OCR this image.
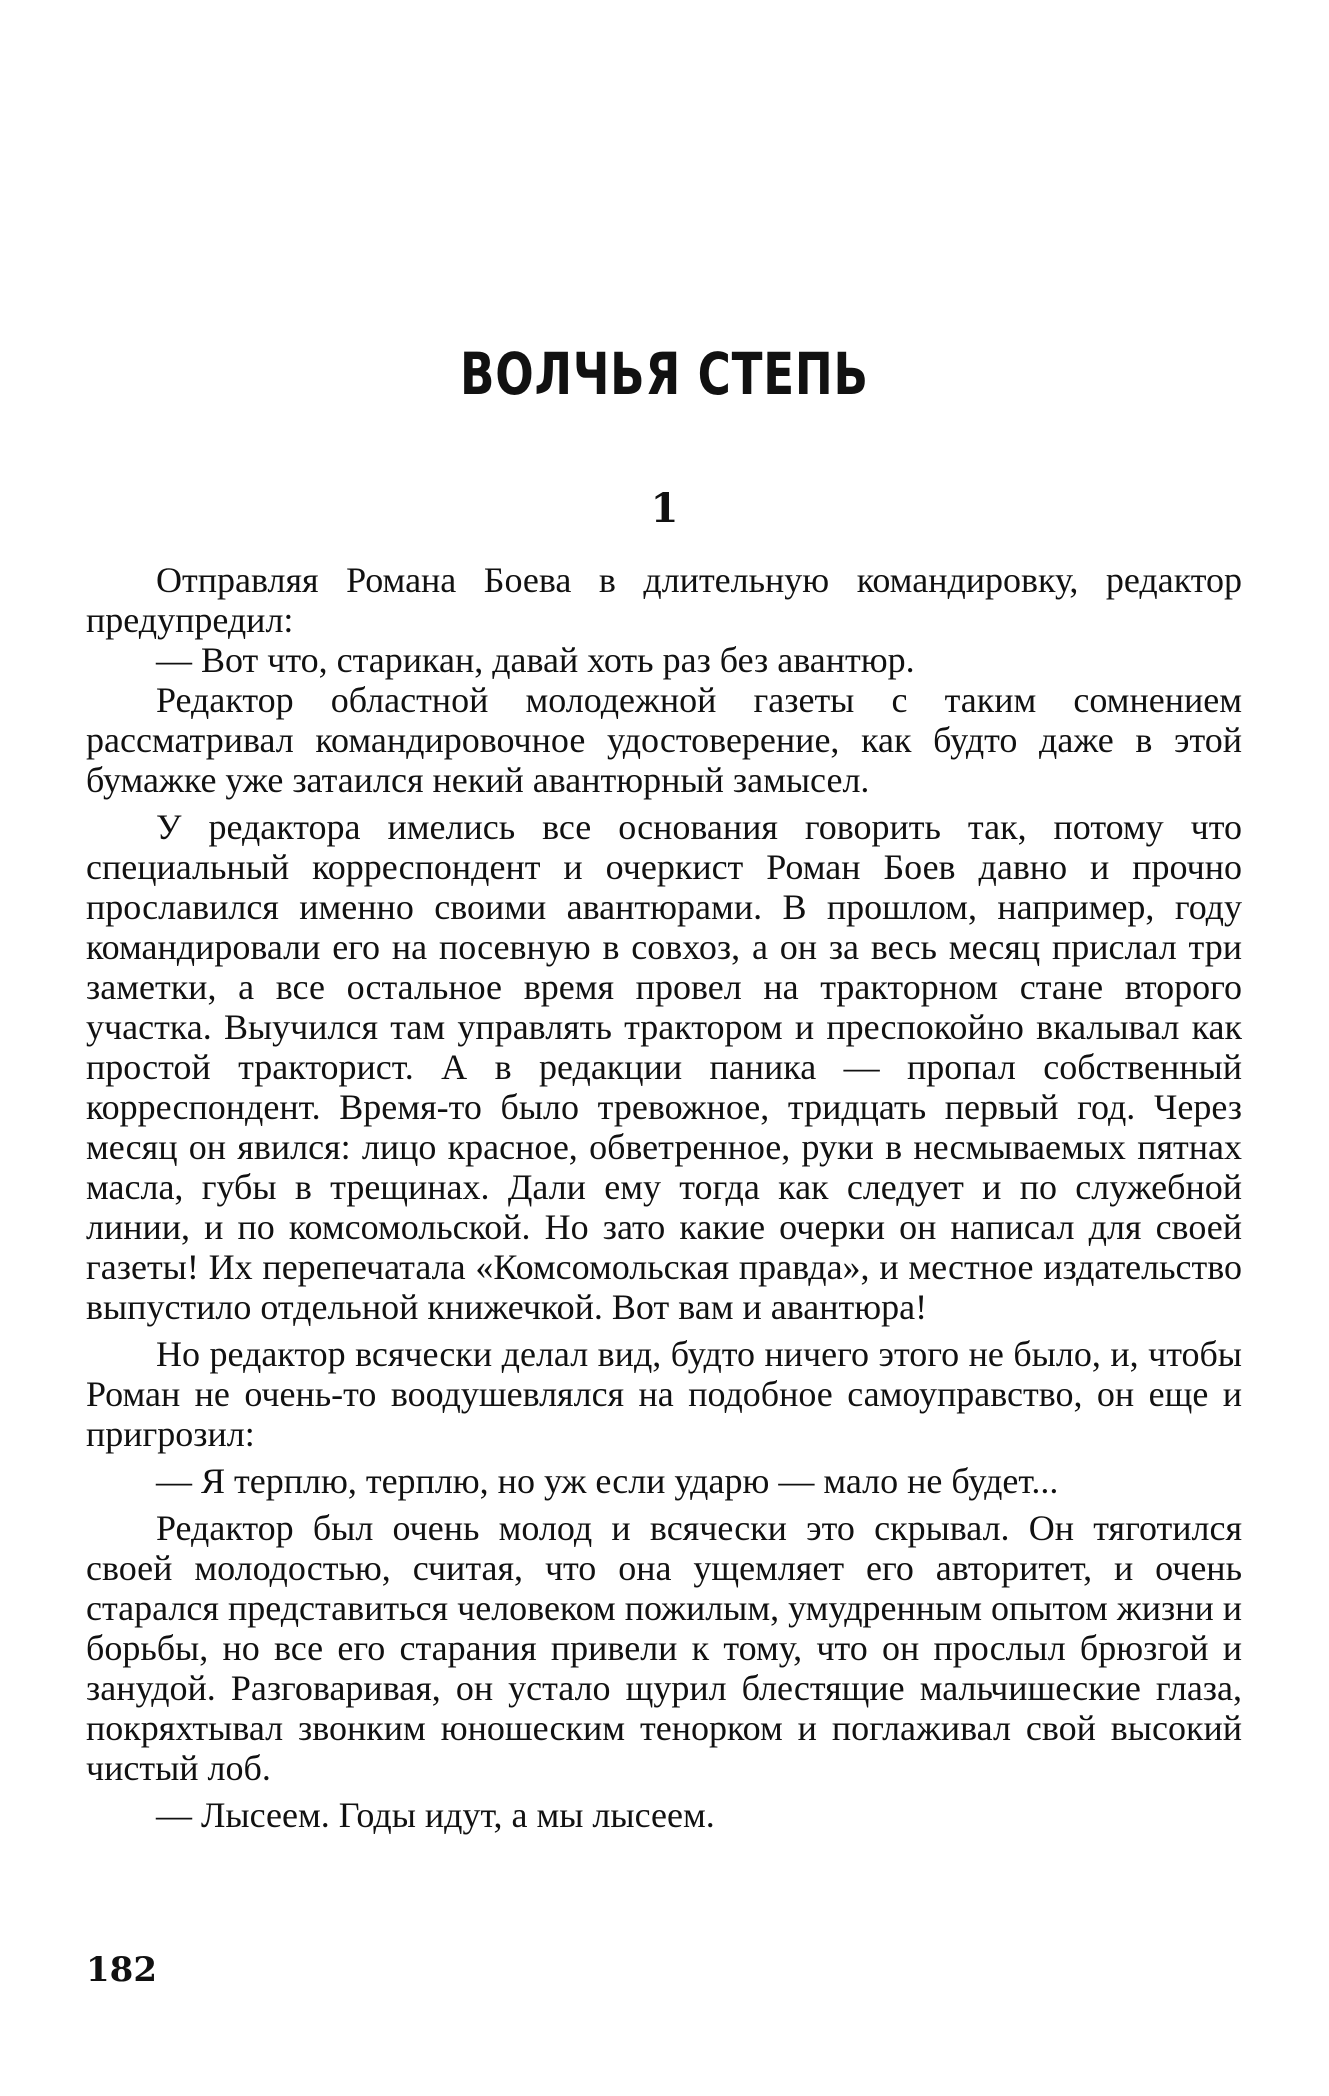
ВОЛЧЬЯ СТЕПЬ
1

Отправляя Романа Боева в длительную командировку, редактор предупредил:

— Вот что, старикан, давай хоть раз без авантюр.

Редактор областной молодежной газеты с таким сомнением рассматривал командировочное удостоверение, как будто даже в этой бумажке уже затаился некий авантюрный замысел.

У редактора имелись все основания говорить так, потому что специальный корреспондент и очеркист Роман Боев давно и прочно прославился именно своими авантюрами. В прошлом, например, году командировали его на посевную в совхоз, а он за весь месяц прислал три заметки, а все остальное время провел на тракторном стане второго участка. Выучился там управлять трактором и преспокойно вкалывал как простой тракторист. А в редакции паника — пропал собственный корреспондент. Время-то было тревожное, тридцать первый год. Через месяц он явился: лицо красное, обветренное, руки в несмываемых пятнах масла, губы в трещинах. Дали ему тогда как следует и по служебной линии, и по комсомольской. Но зато какие очерки он написал для своей газеты! Их перепечатала «Комсомольская правда», и местное издательство выпустило отдельной книжечкой. Вот вам и авантюра!

Но редактор всячески делал вид, будто ничего этого не было, и, чтобы Роман не очень-то воодушевлялся на подобное самоуправство, он еще и пригрозил:

— Я терплю, терплю, но уж если ударю — мало не будет...

Редактор был очень молод и всячески это скрывал. Он тяготился своей молодостью, считая, что она ущемляет его авторитет, и очень старался представиться человеком пожилым, умудренным опытом жизни и борьбы, но все его старания привели к тому, что он прослыл брюзгой и занудой. Разговаривая, он устало щурил блестящие мальчишеские глаза, покряхтывал звонким юношеским тенорком и поглаживал свой высокий чистый лоб.

— Лысеем. Годы идут, а мы лысеем.

182
